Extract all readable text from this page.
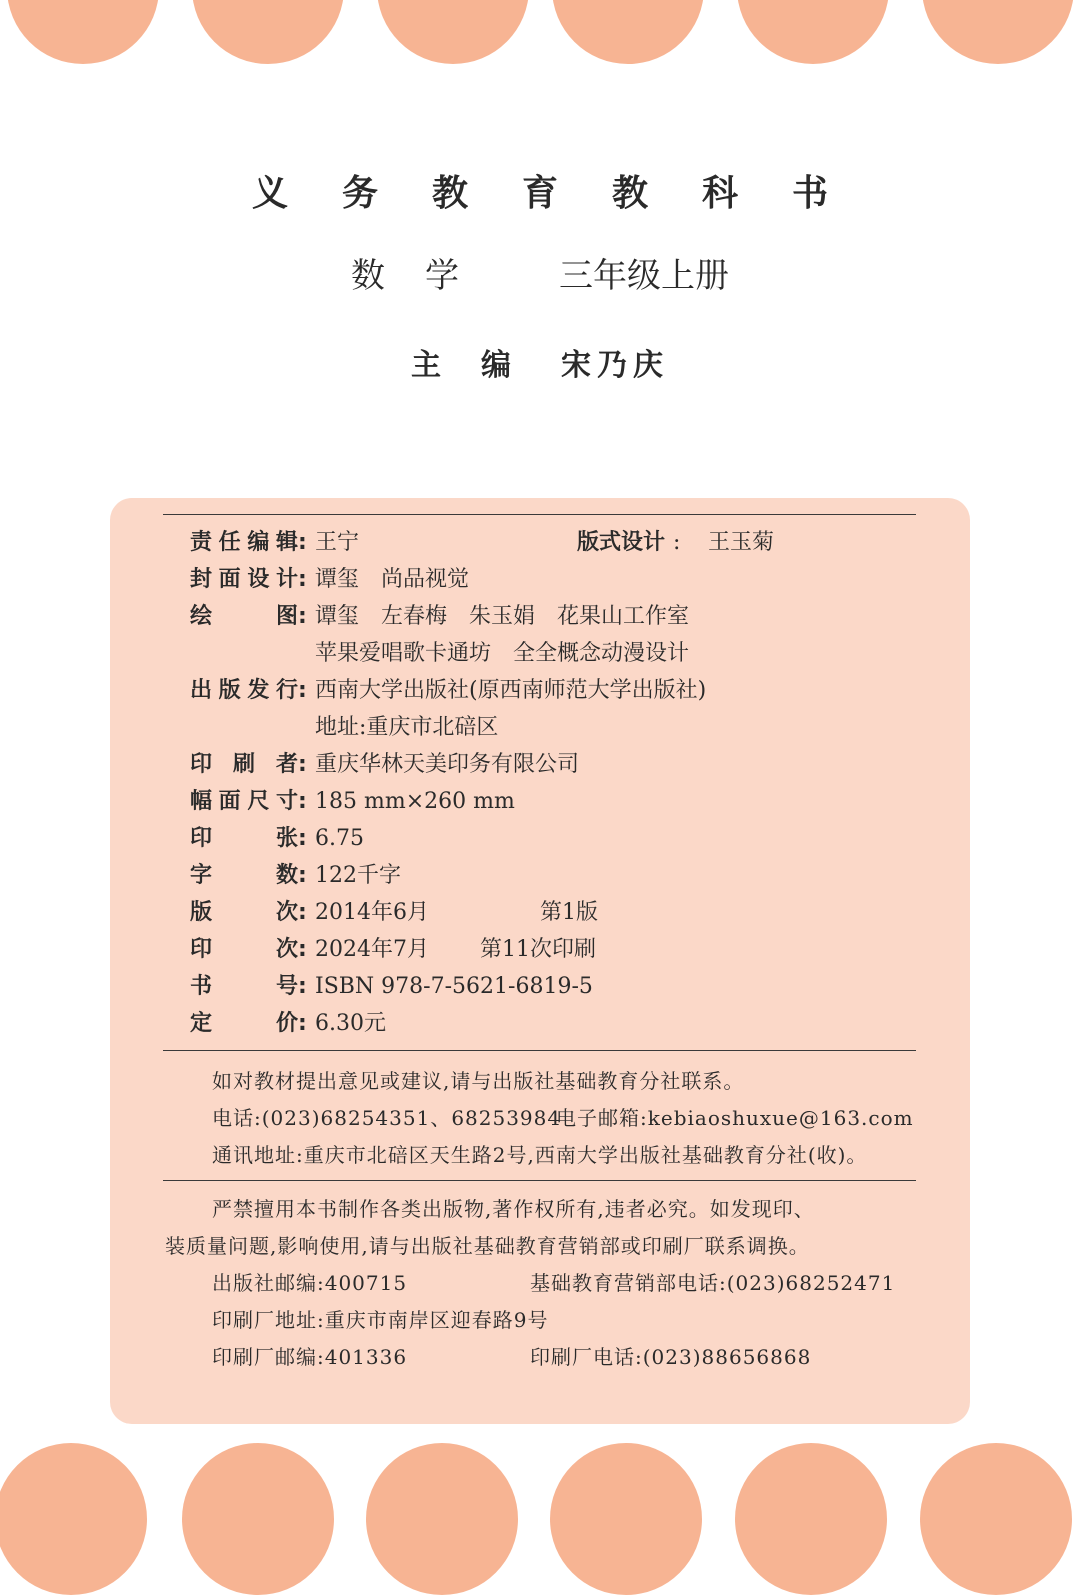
义务教育教科书
数学 三年级上册
主编 宋乃庆
责任编辑 : 王宁	版式设计 : 王玉菊
封面设计 : 谭玺　尚品视觉
绘图 : 谭玺　左春梅　朱玉娟　花果山工作室
苹果爱唱歌卡通坊　全全概念动漫设计
出版发行 : 西南大学出版社(原西南师范大学出版社)
地址:重庆市北碚区
印刷者 : 重庆华林天美印务有限公司
幅面尺寸 : 185 mm×260 mm
印张 : 6.75
字数 : 122千字
版次 : 2014年6月	第1版
印次 : 2024年7月 第11次印刷
书号 : ISBN 978-7-5621-6819-5
定价 : 6.30元
如对教材提出意见或建议,请与出版社基础教育分社联系。
电话:(023)68254351、68253984
电子邮箱:kebiaoshuxue@163.com
通讯地址:重庆市北碚区天生路2号,西南大学出版社基础教育分社(收)。
严禁擅用本书制作各类出版物,著作权所有,违者必究。如发现印、
装质量问题,影响使用,请与出版社基础教育营销部或印刷厂联系调换。
出版社邮编:400715	基础教育营销部电话:(023)68252471
印刷厂地址:重庆市南岸区迎春路9号
印刷厂邮编:401336	印刷厂电话:(023)88656868
